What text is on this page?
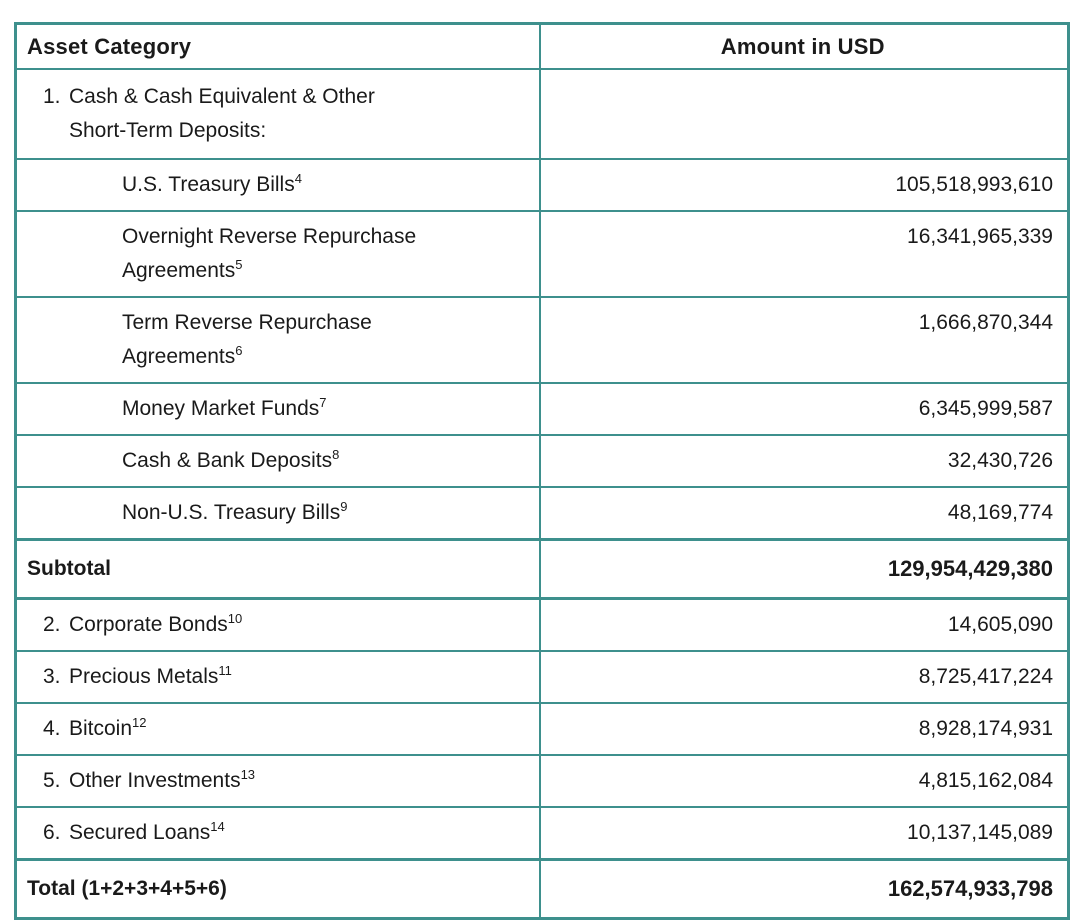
Asset Category	Amount in USD

1. Cash & Cash Equivalent & Other Short-Term Deposits:	

U.S. Treasury Bills$^4$	105,518,993,610

Overnight Reverse Repurchase Agreements$^5$	16,341,965,339

Term Reverse Repurchase Agreements$^6$	1,666,870,344

Money Market Funds$^7$	6,345,999,587

Cash & Bank Deposits$^8$	32,430,726

Non-U.S. Treasury Bills$^9$	48,169,774

Subtotal	129,954,429,380

2. Corporate Bonds$^{10}$	14,605,090

3. Precious Metals$^{11}$	8,725,417,224

4. Bitcoin$^{12}$	8,928,174,931

5. Other Investments$^{13}$	4,815,162,084

6. Secured Loans$^{14}$	10,137,145,089

Total (1+2+3+4+5+6)	162,574,933,798
